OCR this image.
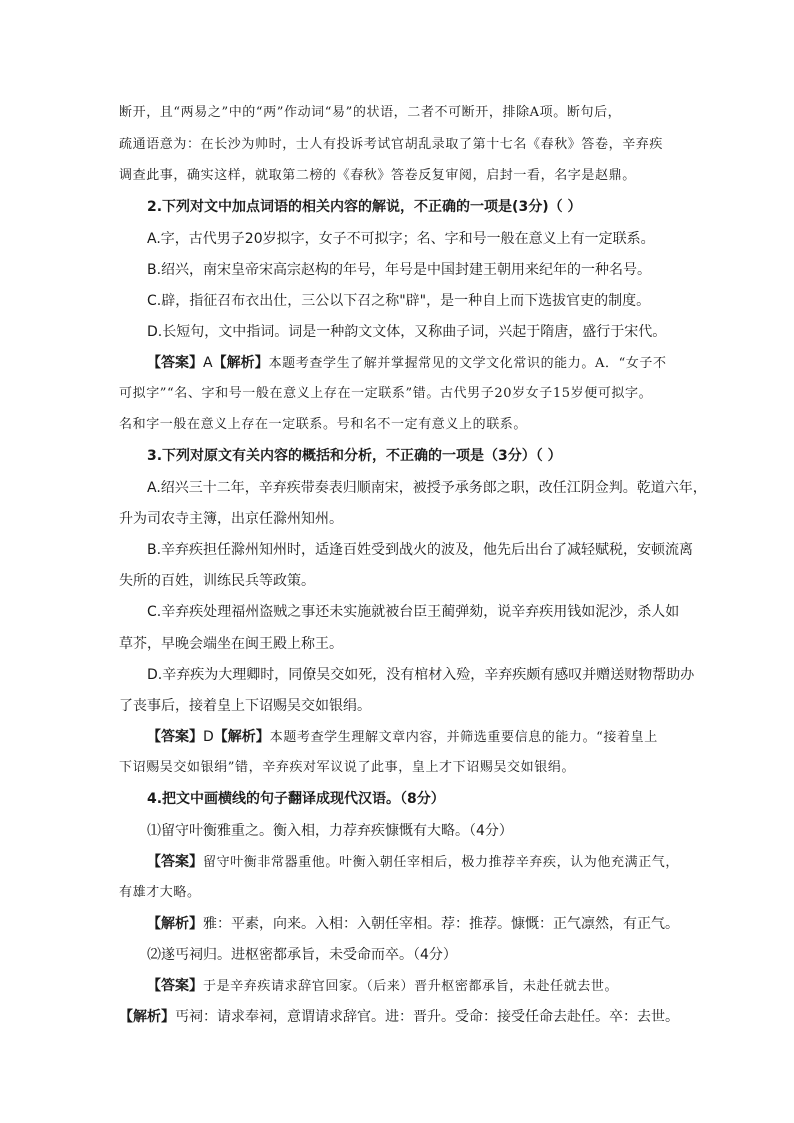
断开，且“两易之”中的“两”作动词“易”的状语，二者不可断开，排除A项。断句后，
疏通语意为：在长沙为帅时，士人有投诉考试官胡乱录取了第十七名《春秋》答卷，辛弃疾
调查此事，确实这样，就取第二榜的《春秋》答卷反复审阅，启封一看，名字是赵鼎。
2.下列对文中加点词语的相关内容的解说，不正确的一项是(3分)（ ）
A.字，古代男子20岁拟字，女子不可拟字；名、字和号一般在意义上有一定联系。
B.绍兴，南宋皇帝宋高宗赵构的年号，年号是中国封建王朝用来纪年的一种名号。
C.辟，指征召布衣出仕，三公以下召之称"辟"，是一种自上而下选拔官吏的制度。
D.长短句，文中指词。词是一种韵文文体，又称曲子词，兴起于隋唐，盛行于宋代。
【答案】A【解析】本题考查学生了解并掌握常见的文学文化常识的能力。A．“女子不
可拟字”“名、字和号一般在意义上存在一定联系”错。古代男子20岁女子15岁便可拟字。
名和字一般在意义上存在一定联系。号和名不一定有意义上的联系。
3.下列对原文有关内容的概括和分析，不正确的一项是（3分）（ ）
A.绍兴三十二年，辛弃疾带奏表归顺南宋，被授予承务郎之职，改任江阴佥判。乾道六年，
升为司农寺主簿，出京任滁州知州。
B.辛弃疾担任滁州知州时，适逢百姓受到战火的波及，他先后出台了减轻赋税，安顿流离
失所的百姓，训练民兵等政策。
C.辛弃疾处理福州盗贼之事还未实施就被台臣王蔺弹劾，说辛弃疾用钱如泥沙，杀人如
草芥，早晚会端坐在闽王殿上称王。
D.辛弃疾为大理卿时，同僚吴交如死，没有棺材入殓，辛弃疾颇有感叹并赠送财物帮助办
了丧事后，接着皇上下诏赐吴交如银绢。
【答案】D【解析】本题考查学生理解文章内容，并筛选重要信息的能力。“接着皇上
下诏赐吴交如银绢”错，辛弃疾对军议说了此事，皇上才下诏赐吴交如银绢。
4.把文中画横线的句子翻译成现代汉语。（8分）
⑴留守叶衡雅重之。衡入相，力荐弃疾慷慨有大略。（4分）
【答案】留守叶衡非常器重他。叶衡入朝任宰相后，极力推荐辛弃疾，认为他充满正气，
有雄才大略。
【解析】雅：平素，向来。入相：入朝任宰相。荐：推荐。慷慨：正气凛然，有正气。
⑵遂丐祠归。进枢密都承旨，未受命而卒。（4分）
【答案】于是辛弃疾请求辞官回家。（后来）晋升枢密都承旨，未赴任就去世。
【解析】丐祠：请求奉祠，意谓请求辞官。进：晋升。受命：接受任命去赴任。卒：去世。
